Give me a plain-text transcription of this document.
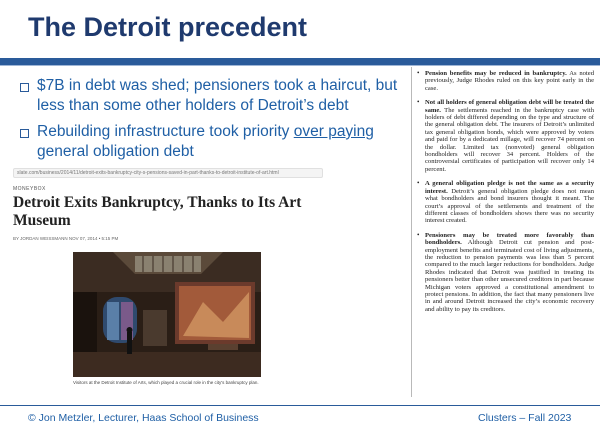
The Detroit precedent
$7B in debt was shed; pensioners took a haircut, but less than some other holders of Detroit’s debt
Rebuilding infrastructure took priority over paying general obligation debt
slate.com/business/2014/11/detroit-exits-bankruptcy-city-s-pensions-saved-in-part-thanks-to-detroit-institute-of-art.html
MONEYBOX
Detroit Exits Bankruptcy, Thanks to Its Art Museum
BY JORDAN WEISSMANN NOV 07, 2014 • 5:15 PM
Visitors at the Detroit Institute of Arts, which played a crucial role in the city's bankruptcy plan.
• Pension benefits may be reduced in bankruptcy. As noted previously, Judge Rhodes ruled on this key point early in the case.
• Not all holders of general obligation debt will be treated the same. The settlements reached in the bankruptcy case with holders of debt differed depending on the type and structure of the general obligation debt. The insurers of Detroit’s unlimited tax general obligation bonds, which were approved by voters and paid for by a dedicated millage, will recover 74 percent on the dollar. Limited tax (nonvoted) general obligation bondholders will recover 34 percent. Holders of the controversial certificates of participation will recover only 14 percent.
• A general obligation pledge is not the same as a security interest. Detroit’s general obligation pledge does not mean what bondholders and bond insurers thought it meant. The court’s approval of the settlements and treatment of the different classes of bondholders shows there was no security interest created.
• Pensioners may be treated more favorably than bondholders. Although Detroit cut pension and post-employment benefits and terminated cost of living adjustments, the reduction to pension payments was less than 5 percent compared to the much larger reductions for bondholders. Judge Rhodes indicated that Detroit was justified in treating its pensioners better than other unsecured creditors in part because Michigan voters approved a constitutional amendment to protect pensions. In addition, the fact that many pensioners live in and around Detroit increased the city’s economic recovery and ability to pay its creditors.
© Jon Metzler, Lecturer, Haas School of Business	Clusters – Fall 2023
